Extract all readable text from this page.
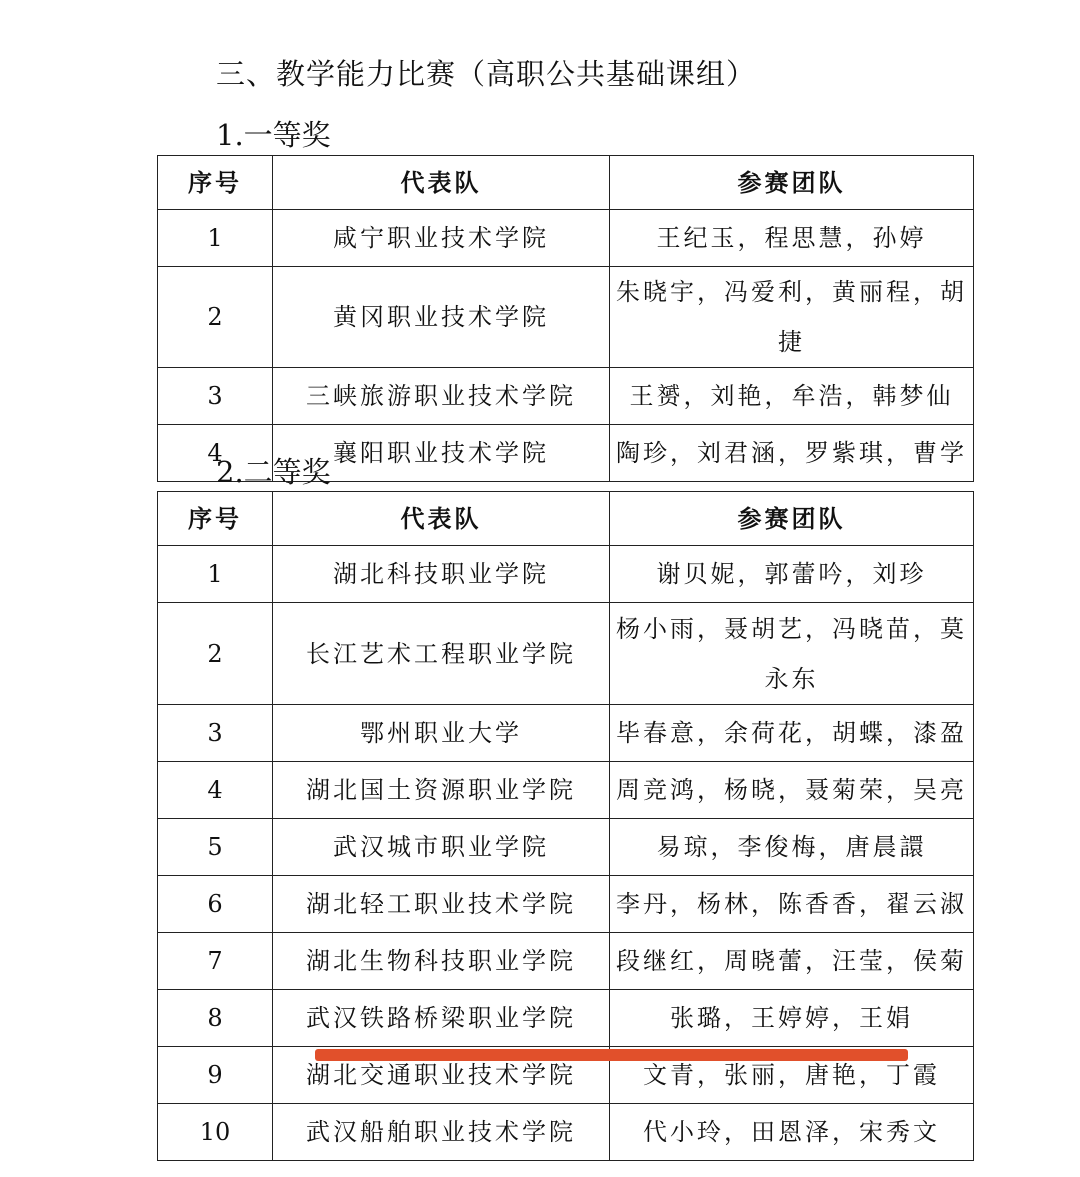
三、教学能力比赛（高职公共基础课组）
1.一等奖
序号	代表队	参赛团队
1	咸宁职业技术学院	王纪玉，程思慧，孙婷
2	黄冈职业技术学院	朱晓宇，冯爱利，黄丽程，胡捷
3	三峡旅游职业技术学院	王赟，刘艳，牟浩，韩梦仙
4	襄阳职业技术学院	陶珍，刘君涵，罗紫琪，曹学
2.二等奖
序号	代表队	参赛团队
1	湖北科技职业学院	谢贝妮，郭蕾吟，刘珍
2	长江艺术工程职业学院	杨小雨，聂胡艺，冯晓苗，莫永东
3	鄂州职业大学	毕春意，余荷花，胡蝶，漆盈
4	湖北国土资源职业学院	周竞鸿，杨晓，聂菊荣，吴亮
5	武汉城市职业学院	易琼，李俊梅，唐晨譞
6	湖北轻工职业技术学院	李丹，杨林，陈香香，翟云淑
7	湖北生物科技职业学院	段继红，周晓蕾，汪莹，侯菊
8	武汉铁路桥梁职业学院	张璐，王婷婷，王娟
9	湖北交通职业技术学院	文青，张丽，唐艳，丁霞
10	武汉船舶职业技术学院	代小玲，田恩泽，宋秀文
